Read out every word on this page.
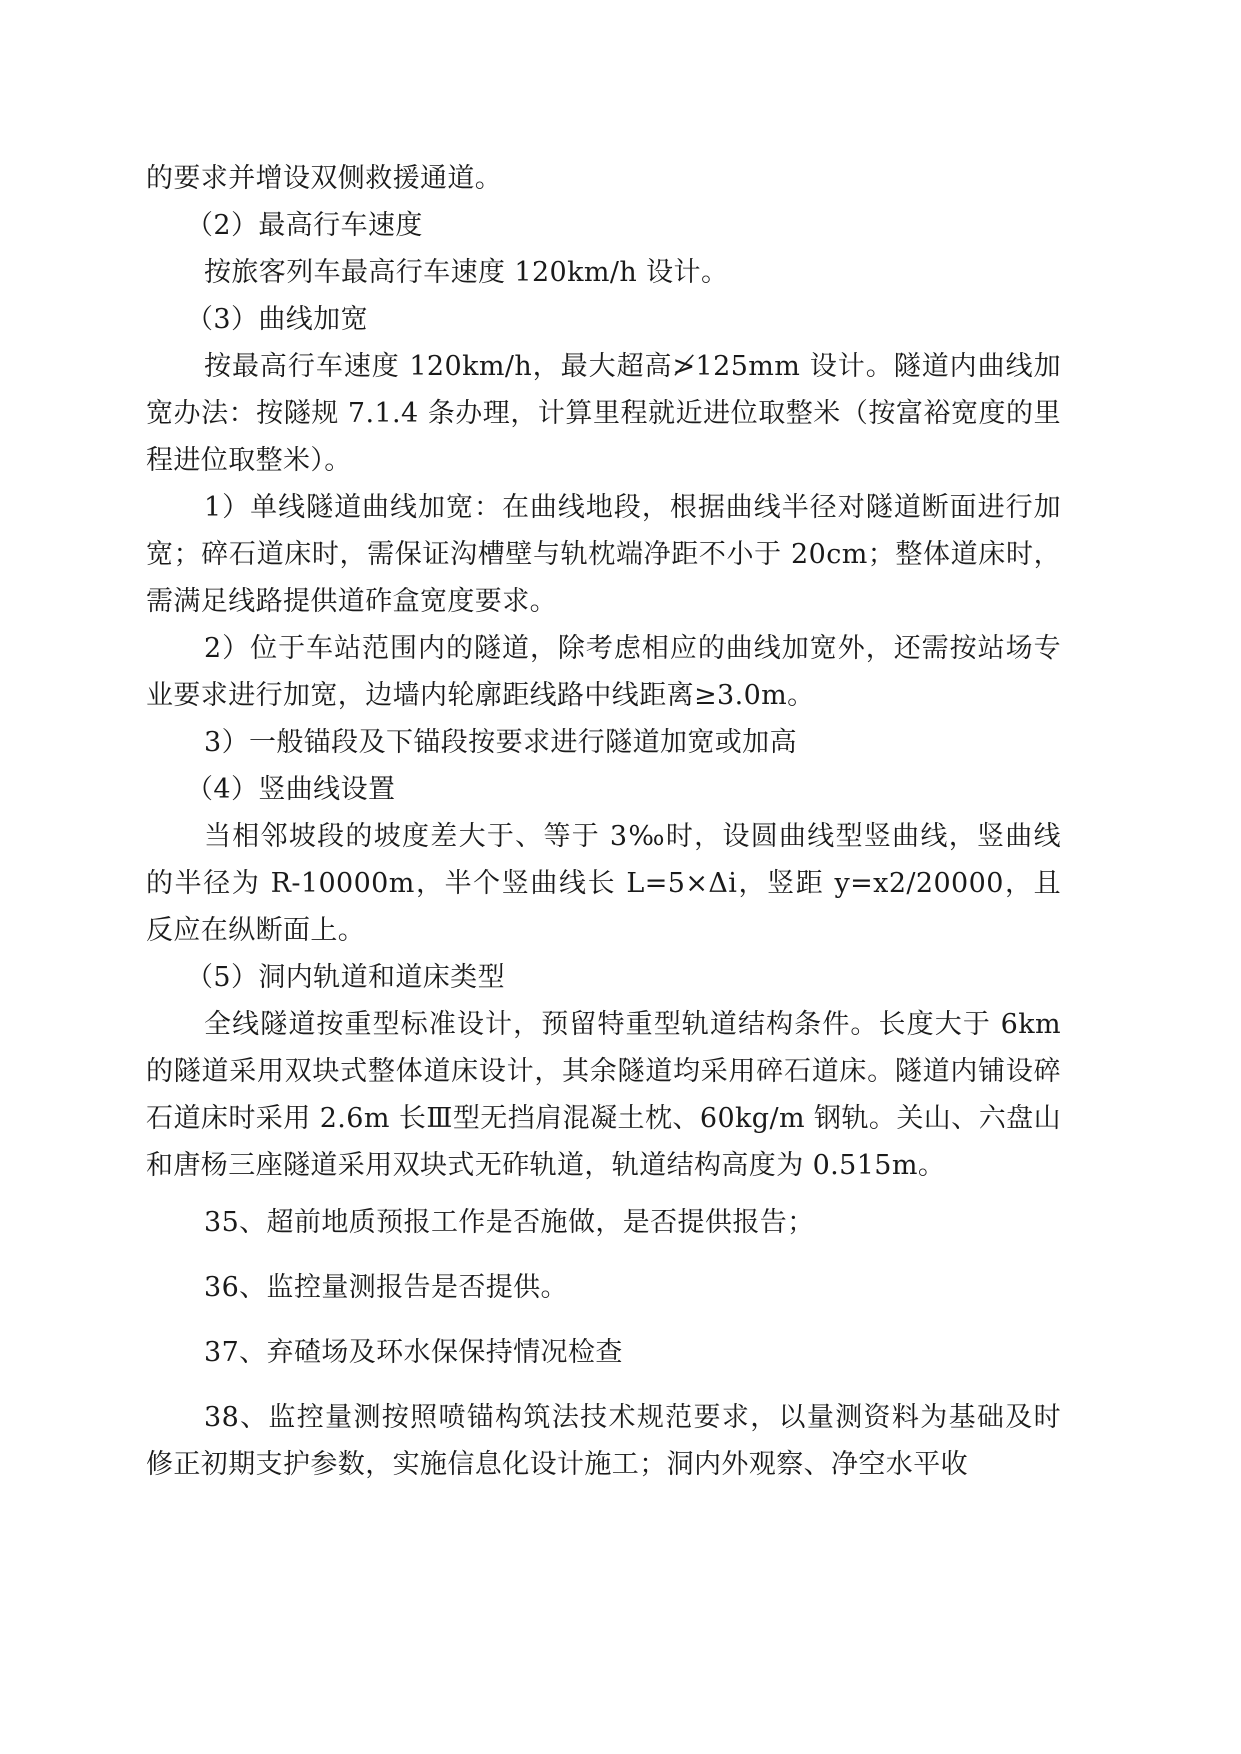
的要求并增设双侧救援通道。

（2）最高行车速度

按旅客列车最高行车速度 120km/h 设计。

（3）曲线加宽

按最高行车速度 120km/h，最大超高≯125mm 设计。隧道内曲线加宽办法：按隧规 7.1.4 条办理，计算里程就近进位取整米（按富裕宽度的里程进位取整米）。

1）单线隧道曲线加宽：在曲线地段，根据曲线半径对隧道断面进行加宽；碎石道床时，需保证沟槽壁与轨枕端净距不小于 20cm；整体道床时，需满足线路提供道砟盒宽度要求。

2）位于车站范围内的隧道，除考虑相应的曲线加宽外，还需按站场专业要求进行加宽，边墙内轮廓距线路中线距离≥3.0m。

3）一般锚段及下锚段按要求进行隧道加宽或加高

（4）竖曲线设置

当相邻坡段的坡度差大于、等于 3‰时，设圆曲线型竖曲线，竖曲线的半径为 R-10000m，半个竖曲线长 L=5×Δi，竖距 y=x2/20000，且反应在纵断面上。

（5）洞内轨道和道床类型

全线隧道按重型标准设计，预留特重型轨道结构条件。长度大于 6km 的隧道采用双块式整体道床设计，其余隧道均采用碎石道床。隧道内铺设碎石道床时采用 2.6m 长Ⅲ型无挡肩混凝土枕、60kg/m 钢轨。关山、六盘山和唐杨三座隧道采用双块式无砟轨道，轨道结构高度为 0.515m。

35、超前地质预报工作是否施做，是否提供报告；

36、监控量测报告是否提供。

37、弃碴场及环水保保持情况检查

38、监控量测按照喷锚构筑法技术规范要求，以量测资料为基础及时修正初期支护参数，实施信息化设计施工；洞内外观察、净空水平收
